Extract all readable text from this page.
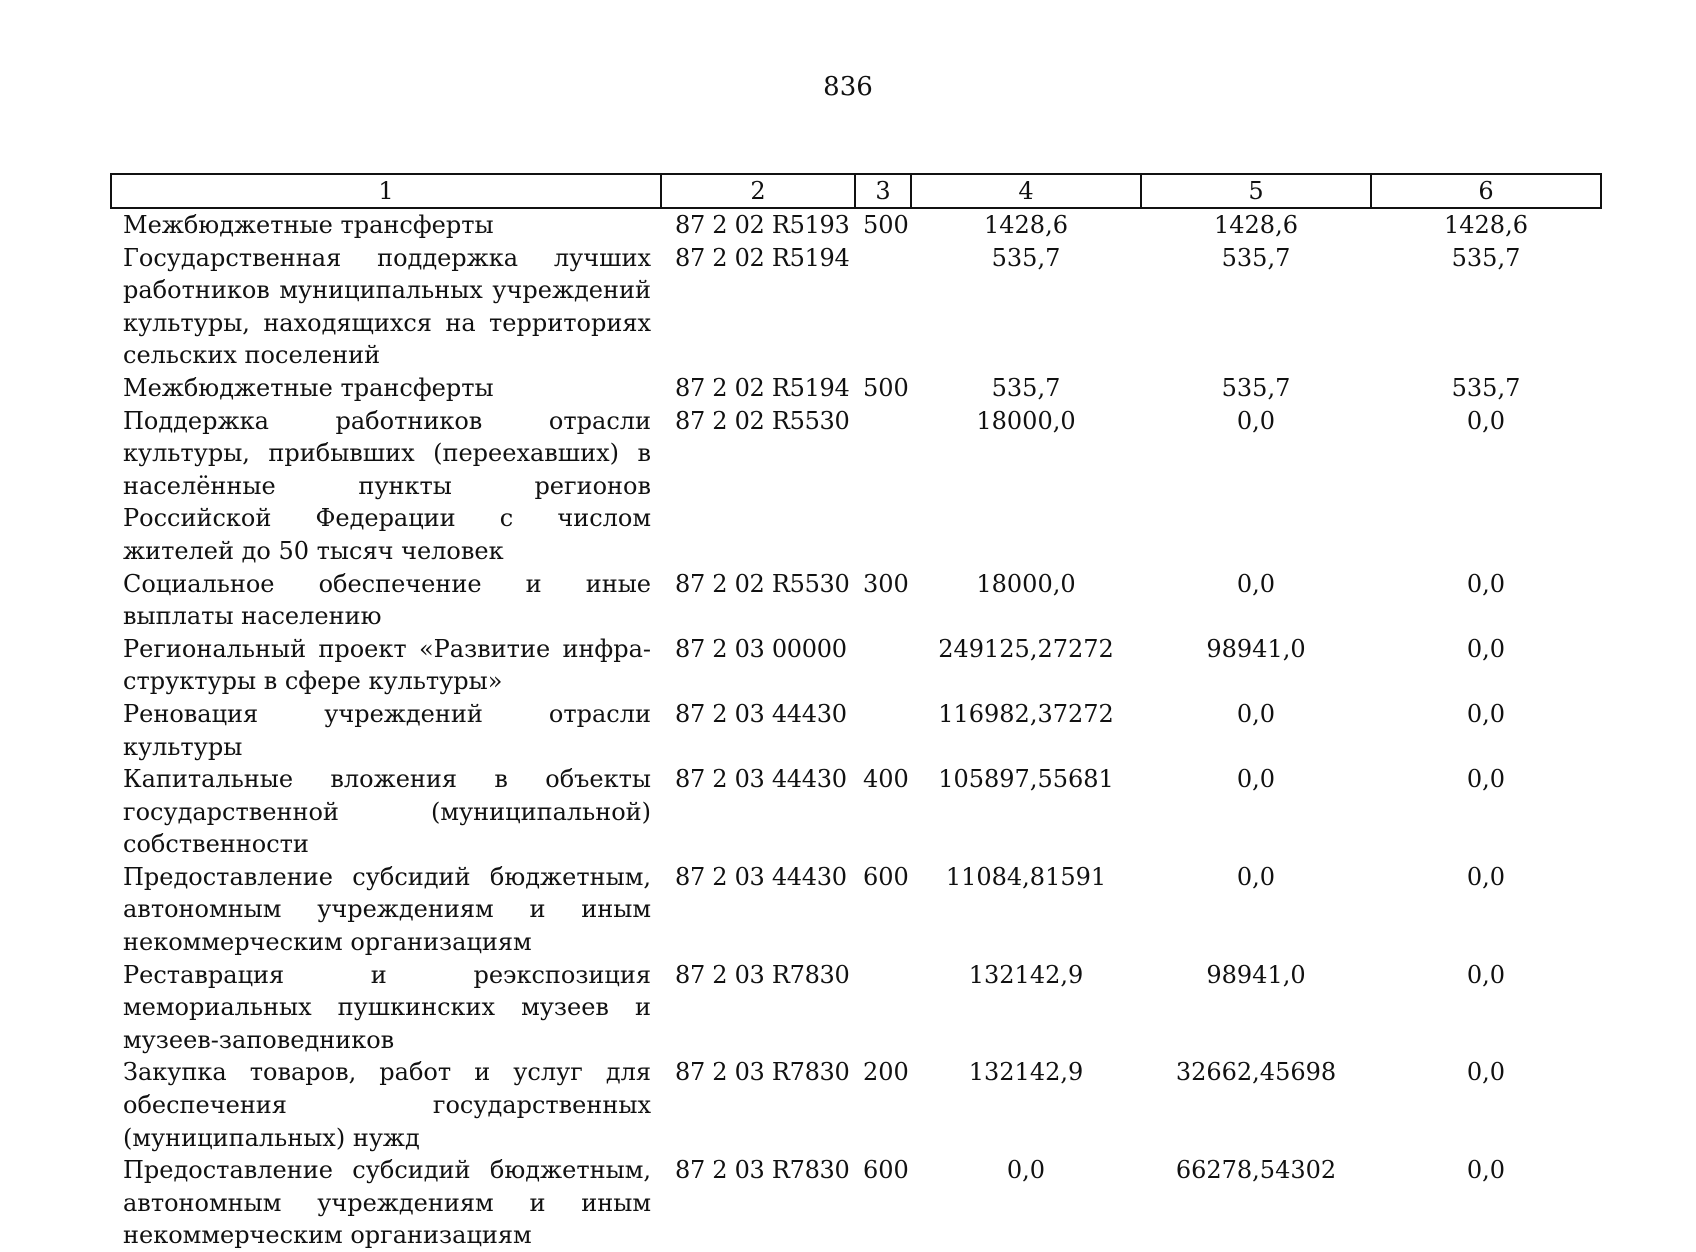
836
1	2	3	4	5	6
Межбюджетные трансферты	87 2 02 R5193	500	1428,6	1428,6	1428,6
Государственная поддержка лучших работников муниципальных учреждений культуры, находящихся на территориях сельских поселений	87 2 02 R5194		535,7	535,7	535,7
Межбюджетные трансферты	87 2 02 R5194	500	535,7	535,7	535,7
Поддержка работников отрасли культуры, прибывших (переехавших) в населённые пункты регионов Российской Федерации с числом жителей до 50 тысяч человек	87 2 02 R5530		18000,0	0,0	0,0
Социальное обеспечение и иные выплаты населению	87 2 02 R5530	300	18000,0	0,0	0,0
Региональный проект «Развитие инфраструктуры в сфере культуры»	87 2 03 00000		249125,27272	98941,0	0,0
Реновация учреждений отрасли культуры	87 2 03 44430		116982,37272	0,0	0,0
Капитальные вложения в объекты государственной (муниципальной) собственности	87 2 03 44430	400	105897,55681	0,0	0,0
Предоставление субсидий бюджетным, автономным учреждениям и иным некоммерческим организациям	87 2 03 44430	600	11084,81591	0,0	0,0
Реставрация и реэкспозиция мемориальных пушкинских музеев и музеев-заповедников	87 2 03 R7830		132142,9	98941,0	0,0
Закупка товаров, работ и услуг для обеспечения государственных (муниципальных) нужд	87 2 03 R7830	200	132142,9	32662,45698	0,0
Предоставление субсидий бюджетным, автономным учреждениям и иным некоммерческим организациям	87 2 03 R7830	600	0,0	66278,54302	0,0
